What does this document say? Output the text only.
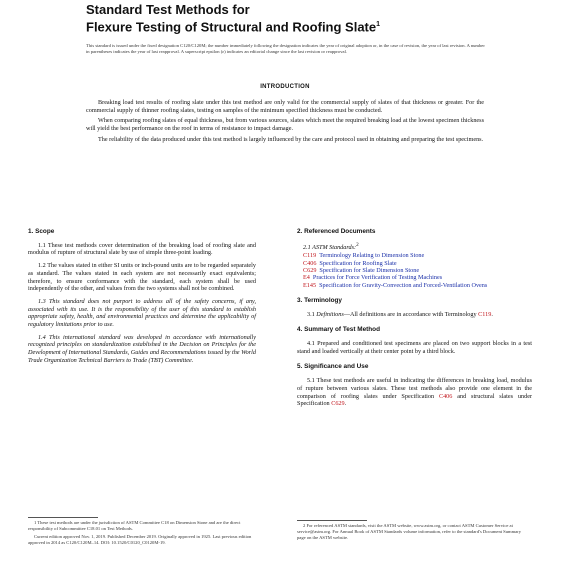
Standard Test Methods for
Flexure Testing of Structural and Roofing Slate$^1$
This standard is issued under the fixed designation C120/C120M; the number immediately following the designation indicates the year of original adoption or, in the case of revision, the year of last revision. A number in parentheses indicates the year of last reapproval. A superscript epsilon (ε) indicates an editorial change since the last revision or reapproval.
INTRODUCTION

Breaking load test results of roofing slate under this test method are only valid for the commercial supply of slates of that thickness or greater. For the commercial supply of thinner roofing slates, testing on samples of the minimum specified thickness must be conducted.

When comparing roofing slates of equal thickness, but from various sources, slates which meet the required breaking load at the lowest specimen thickness will yield the best performance on the roof in terms of resistance to impact damage.

The reliability of the data produced under this test method is largely influenced by the care and protocol used in obtaining and preparing the test specimens.

1. Scope

1.1 These test methods cover determination of the breaking load of roofing slate and modulus of rupture of structural slate by use of simple three-point loading.

1.2 The values stated in either SI units or inch-pound units are to be regarded separately as standard. The values stated in each system are not necessarily exact equivalents; therefore, to ensure conformance with the standard, each system shall be used independently of the other, and values from the two systems shall not be combined.

1.3 This standard does not purport to address all of the safety concerns, if any, associated with its use. It is the responsibility of the user of this standard to establish appropriate safety, health, and environmental practices and determine the applicability of regulatory limitations prior to use.

1.4 This international standard was developed in accordance with internationally recognized principles on standardization established in the Decision on Principles for the Development of International Standards, Guides and Recommendations issued by the World Trade Organization Technical Barriers to Trade (TBT) Committee.

2. Referenced Documents

2.1 ASTM Standards:$^2$

C119 Terminology Relating to Dimension Stone

C406 Specification for Roofing Slate

C629 Specification for Slate Dimension Stone

E4 Practices for Force Verification of Testing Machines

E145 Specification for Gravity-Convection and Forced-Ventilation Ovens

3. Terminology

3.1 Definitions—All definitions are in accordance with Terminology C119.

4. Summary of Test Method

4.1 Prepared and conditioned test specimens are placed on two support blocks in a test stand and loaded vertically at their center point by a third block.

5. Significance and Use

5.1 These test methods are useful in indicating the differences in breaking load, modulus of rupture between various slates. These test methods also provide one element in the comparison of roofing slates under Specification C406 and structural slates under Specification C629.

1 These test methods are under the jurisdiction of ASTM Committee C18 on Dimension Stone and are the direct responsibility of Subcommittee C18.01 on Test Methods.

Current edition approved Nov. 1, 2019. Published December 2019. Originally approved in 1925. Last previous edition approved in 2014 as C120/C120M–14. DOI: 10.1520/C0120_C0120M-19.

2 For referenced ASTM standards, visit the ASTM website, www.astm.org, or contact ASTM Customer Service at service@astm.org. For Annual Book of ASTM Standards volume information, refer to the standard's Document Summary page on the ASTM website.
